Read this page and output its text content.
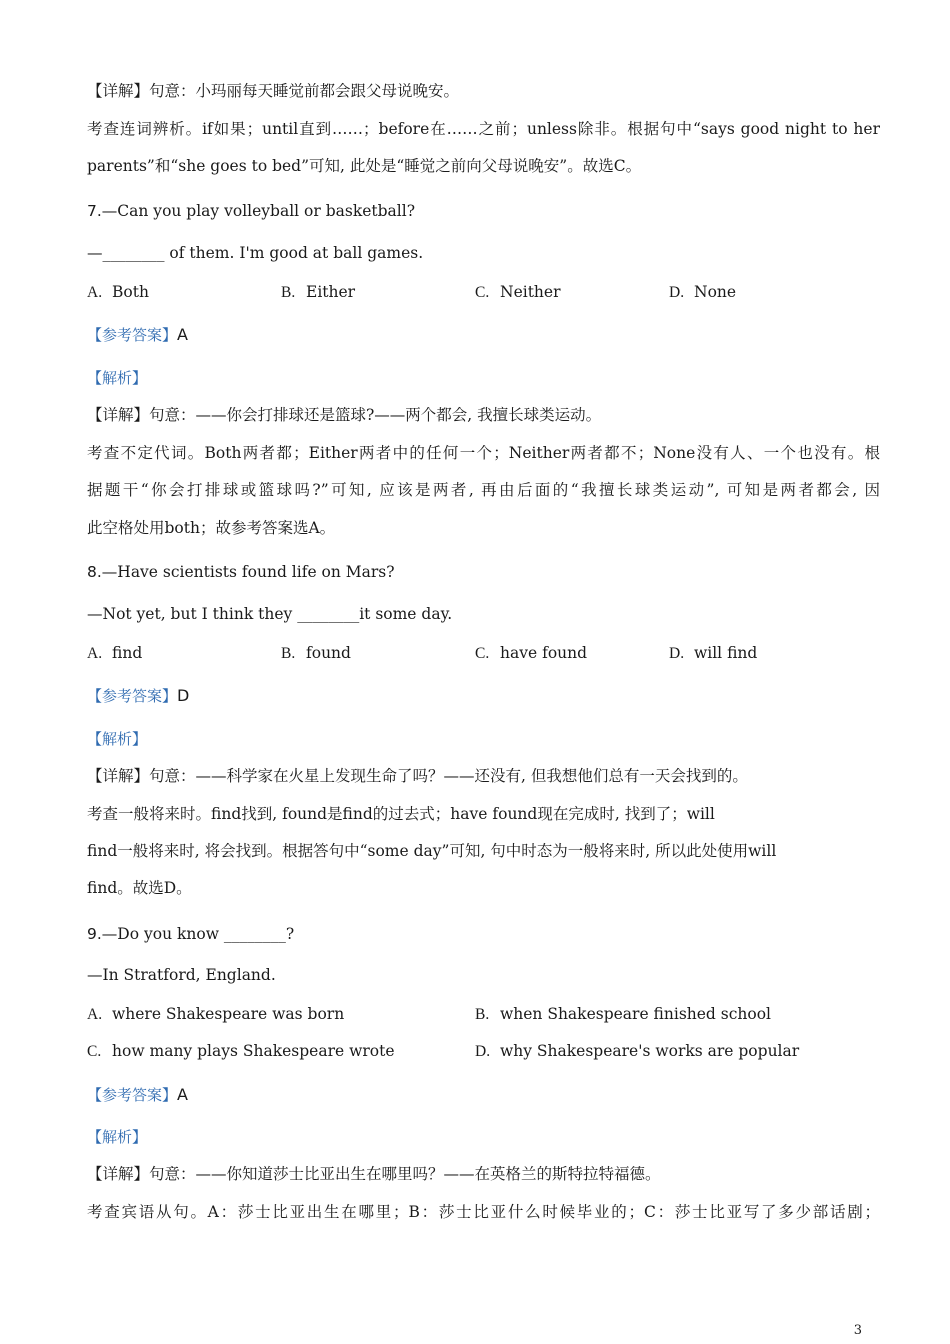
【详解】句意：小玛丽每天睡觉前都会跟父母说晚安。
考查连词辨析。if如果；until直到……；before在……之前；unless除非。根据句中“says good night to her
parents”和“she goes to bed”可知, 此处是“睡觉之前向父母说晚安”。故选C。
7.—Can you play volleyball or basketball?
—________ of them. I'm good at ball games.
A. Both	B. Either	C. Neither	D. None
【参考答案】A
【解析】
【详解】句意：——你会打排球还是篮球?——两个都会, 我擅长球类运动。
考查不定代词。Both两者都；Either两者中的任何一个；Neither两者都不；None没有人、一个也没有。根
据题干“你会打排球或篮球吗?”可知, 应该是两者, 再由后面的“我擅长球类运动”, 可知是两者都会, 因
此空格处用both；故参考答案选A。
8.—Have scientists found life on Mars?
—Not yet, but I think they ________it some day.
A. find	B. found	C. have found	D. will find
【参考答案】D
【解析】
【详解】句意：——科学家在火星上发现生命了吗？——还没有, 但我想他们总有一天会找到的。
考查一般将来时。find找到, found是find的过去式；have found现在完成时, 找到了；will
find一般将来时, 将会找到。根据答句中“some day”可知, 句中时态为一般将来时, 所以此处使用will
find。故选D。
9.—Do you know ________?
—In Stratford, England.
A. where Shakespeare was born	B. when Shakespeare finished school
C. how many plays Shakespeare wrote	D. why Shakespeare's works are popular
【参考答案】A
【解析】
【详解】句意：——你知道莎士比亚出生在哪里吗？——在英格兰的斯特拉特福德。
考查宾语从句。A：莎士比亚出生在哪里；B：莎士比亚什么时候毕业的；C：莎士比亚写了多少部话剧；
3
